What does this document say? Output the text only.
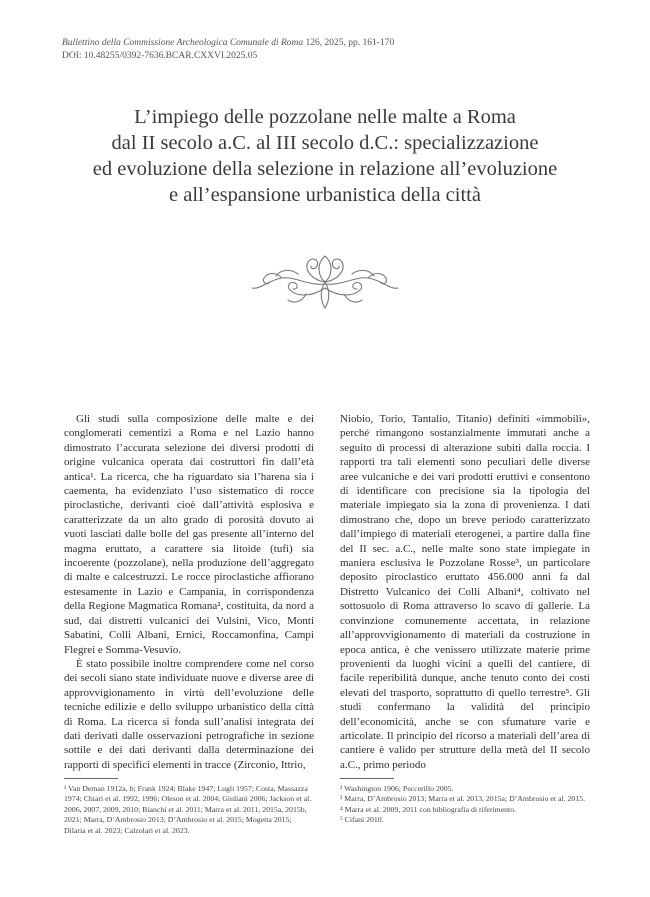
Bullettino della Commissione Archeologica Comunale di Roma 126, 2025, pp. 161-170
DOI: 10.48255/0392-7636.BCAR.CXXVI.2025.05
L’impiego delle pozzolane nelle malte a Roma
dal II secolo a.C. al III secolo d.C.: specializzazione
ed evoluzione della selezione in relazione all’evoluzione
e all’espansione urbanistica della città

Gli studi sulla composizione delle malte e dei conglomerati cementizi a Roma e nel Lazio hanno dimostrato l’accurata selezione dei diversi prodotti di origine vulcanica operata dai costruttori fin dall’età antica¹. La ricerca, che ha riguardato sia l’harena sia i caementa, ha evidenziato l’uso sistematico di rocce piroclastiche, derivanti cioè dall’attività esplosiva e caratterizzate da un alto grado di porosità dovuto ai vuoti lasciati dalle bolle del gas presente all’interno del magma eruttato, a carattere sia litoide (tufi) sia incoerente (pozzolane), nella produzione dell’aggregato di malte e calcestruzzi. Le rocce piroclastiche affiorano estesamente in Lazio e Campania, in corrispondenza della Regione Magmatica Romana², costituita, da nord a sud, dai distretti vulcanici dei Vulsini, Vico, Monti Sabatini, Colli Albani, Ernici, Roccamonfina, Campi Flegrei e Somma-Vesuvio.

È stato possibile inoltre comprendere come nel corso dei secoli siano state individuate nuove e diverse aree di approvvigionamento in virtù dell’evoluzione delle tecniche edilizie e dello sviluppo urbanistico della città di Roma. La ricerca si fonda sull’analisi integrata dei dati derivati dalle osservazioni petrografiche in sezione sottile e dei dati derivanti dalla determinazione dei rapporti di specifici elementi in tracce (Zirconio, Ittrio,

Niobio, Torio, Tantalio, Titanio) definiti «immobili», perché rimangono sostanzialmente immutati anche a seguito di processi di alterazione subiti dalla roccia. I rapporti tra tali elementi sono peculiari delle diverse aree vulcaniche e dei vari prodotti eruttivi e consentono di identificare con precisione sia la tipologia del materiale impiegato sia la zona di provenienza. I dati dimostrano che, dopo un breve periodo caratterizzato dall’impiego di materiali eterogenei, a partire dalla fine del II sec. a.C., nelle malte sono state impiegate in maniera esclusiva le Pozzolane Rosse³, un particolare deposito piroclastico eruttato 456.000 anni fa dal Distretto Vulcanico dei Colli Albani⁴, coltivato nel sottosuolo di Roma attraverso lo scavo di gallerie. La convinzione comunemente accettata, in relazione all’approvvigionamento di materiali da costruzione in epoca antica, è che venissero utilizzate materie prime provenienti da luoghi vicini a quelli del cantiere, di facile reperibilità dunque, anche tenuto conto dei costi elevati del trasporto, soprattutto di quello terrestre⁵. Gli studi confermano la validità del principio dell’economicità, anche se con sfumature varie e articolate. Il principio del ricorso a materiali dell’area di cantiere è valido per strutture della metà del II secolo a.C., primo periodo

¹ Van Deman 1912a, b; Frank 1924; Blake 1947; Lugli 1957; Costa, Massazza 1974; Chiari et al. 1992, 1996; Oleson et al. 2004; Giuliani 2006; Jackson et al. 2006, 2007, 2009, 2010; Bianchi et al. 2011; Marra et al. 2011, 2015a, 2015b, 2021; Marra, D’Ambrosio 2013; D’Ambrosio et al. 2015; Mogetta 2015; Dilaria et al. 2023; Calzolari et al. 2023.

² Washington 1906; Peccerillo 2005.

³ Marra, D’Ambrosio 2013; Marra et al. 2013, 2015a; D’Ambrosio et al. 2015.

⁴ Marra et al. 2009, 2011 con bibliografia di riferimento.

⁵ Cifani 2010.
